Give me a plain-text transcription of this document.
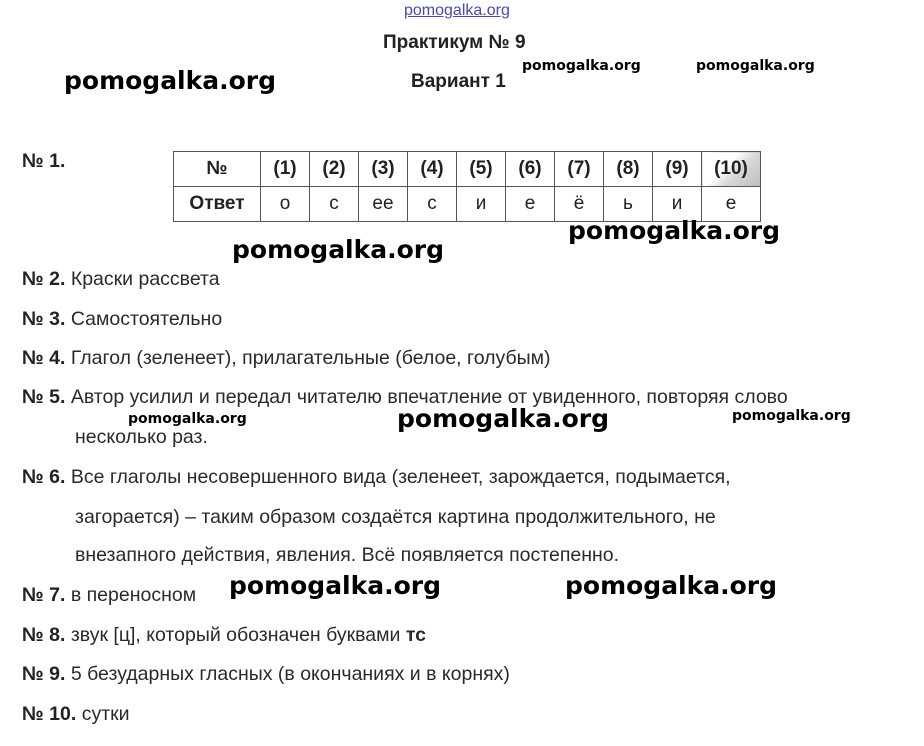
pomogalka.org
Практикум № 9
Вариант 1
pomogalka.org	pomogalka.org	pomogalka.org
№ 1.	№	(1)	(2)	(3)	(4)	(5)	(6)	(7)	(8)	(9)	(10)
Ответ	о	с	ее	с	и	е	ё	ь	и	е
pomogalka.org
pomogalka.org
№ 2. Краски рассвета
№ 3. Самостоятельно
№ 4. Глагол (зеленеет), прилагательные (белое, голубым)
№ 5. Автор усилил и передал читателю впечатление от увиденного, повторяя слово
несколько раз.
pomogalka.org	pomogalka.org	pomogalka.org
№ 6. Все глаголы несовершенного вида (зеленеет, зарождается, подымается,
загорается) – таким образом создаётся картина продолжительного, не
внезапного действия, явления. Всё появляется постепенно.
№ 7. в переносном pomogalka.org	pomogalka.org
№ 8. звук [ц], который обозначен буквами тс
№ 9. 5 безударных гласных (в окончаниях и в корнях)
№ 10. сутки
